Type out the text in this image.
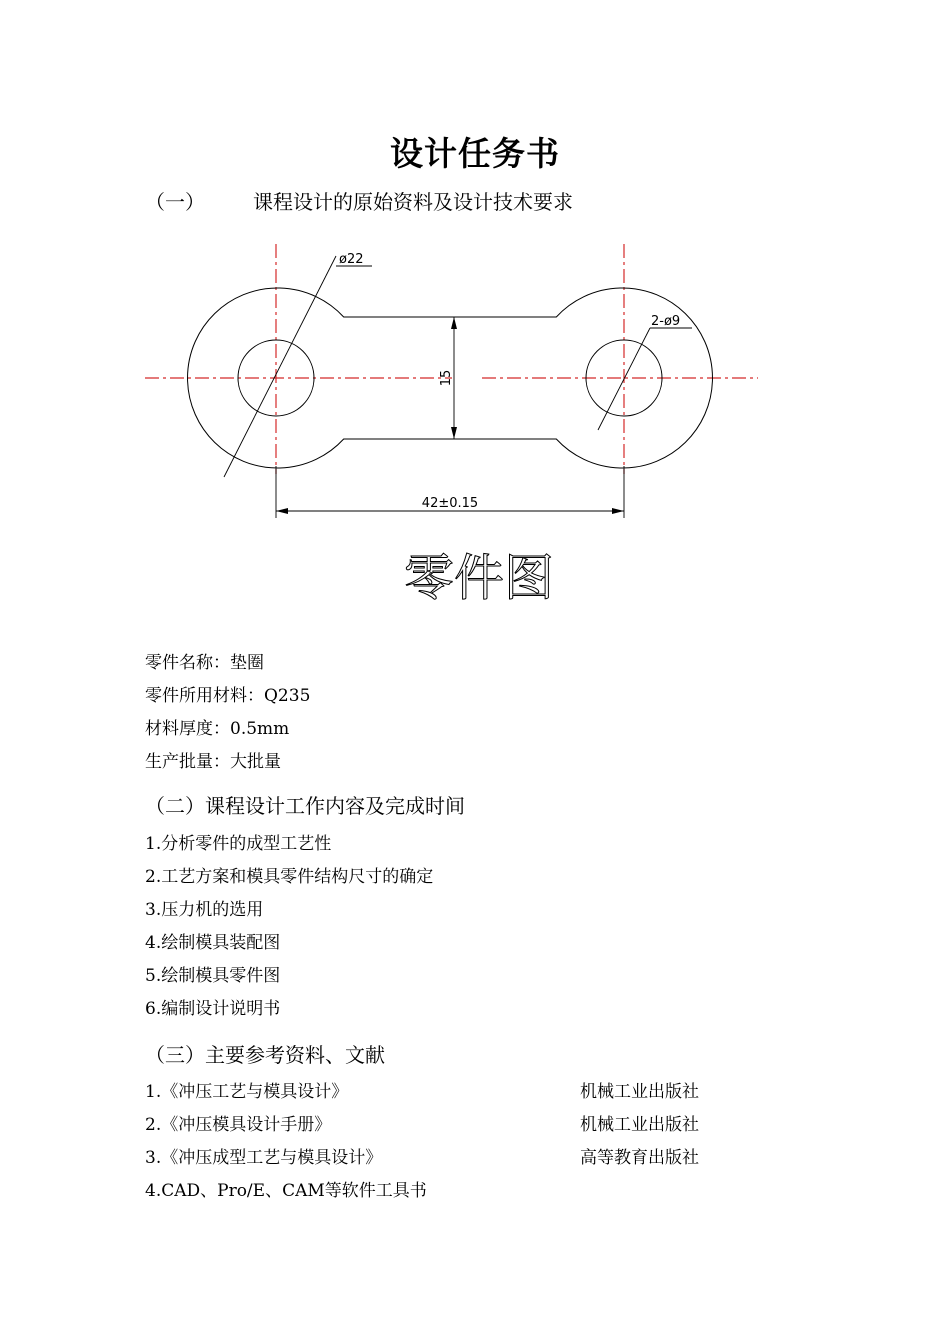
设计任务书
（一） 课程设计的原始资料及设计技术要求
ø22
2-ø9
15
42±0.15
零件图
零件名称：垫圈
零件所用材料：Q235
材料厚度：0.5mm
生产批量：大批量
（二）课程设计工作内容及完成时间
1.分析零件的成型工艺性
2.工艺方案和模具零件结构尺寸的确定
3.压力机的选用
4.绘制模具装配图
5.绘制模具零件图
6.编制设计说明书
（三）主要参考资料、文献
1.《冲压工艺与模具设计》	机械工业出版社
2.《冲压模具设计手册》	机械工业出版社
3.《冲压成型工艺与模具设计》	高等教育出版社
4.CAD、Pro/E、CAM等软件工具书
